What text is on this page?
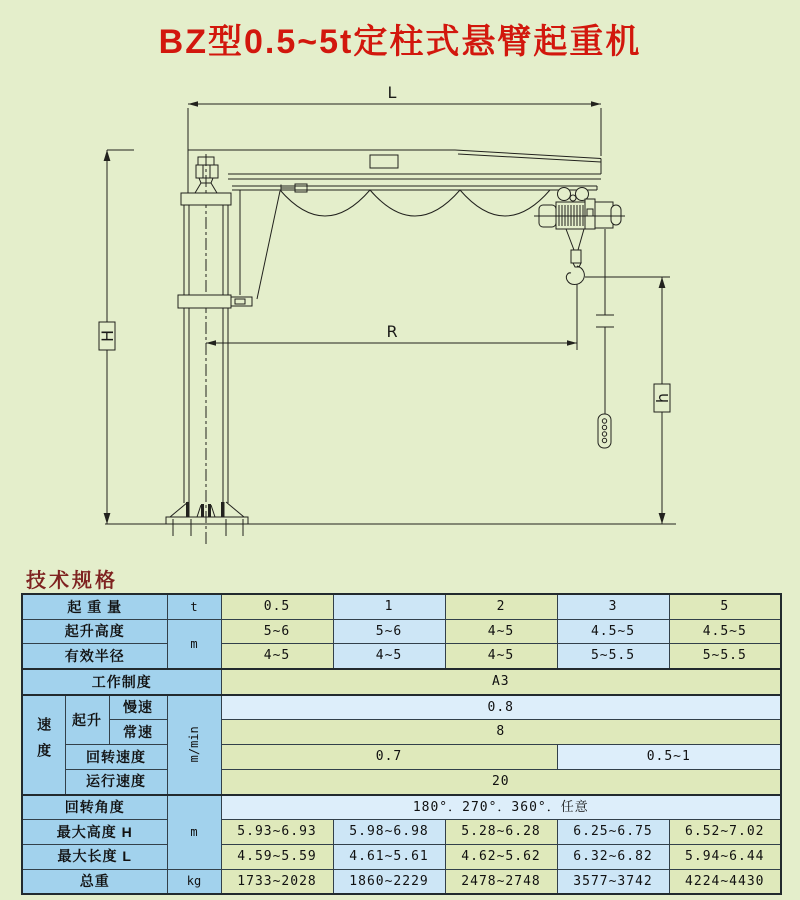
BZ型0.5~5t定柱式悬臂起重机
L
H	R
h
技术规格
起 重 量			t	0.5	1	2	3	5
起升高度			m	5~6	5~6	4~5	4.5~5	4.5~5
有效半径				4~5	4~5	4~5	5~5.5	5~5.5
工作制度				A3				
速度	起升	慢速	m/min	0.8				
		常速		8				
	回转速度			0.7			0.5~1	
	运行速度			20				
回转角度			m	180°．270°．360°．任意				
最大高度 H				5.93~6.93	5.98~6.98	5.28~6.28	6.25~6.75	6.52~7.02
最大长度 L				4.59~5.59	4.61~5.61	4.62~5.62	6.32~6.82	5.94~6.44
总重			kg	1733~2028	1860~2229	2478~2748	3577~3742	4224~4430
